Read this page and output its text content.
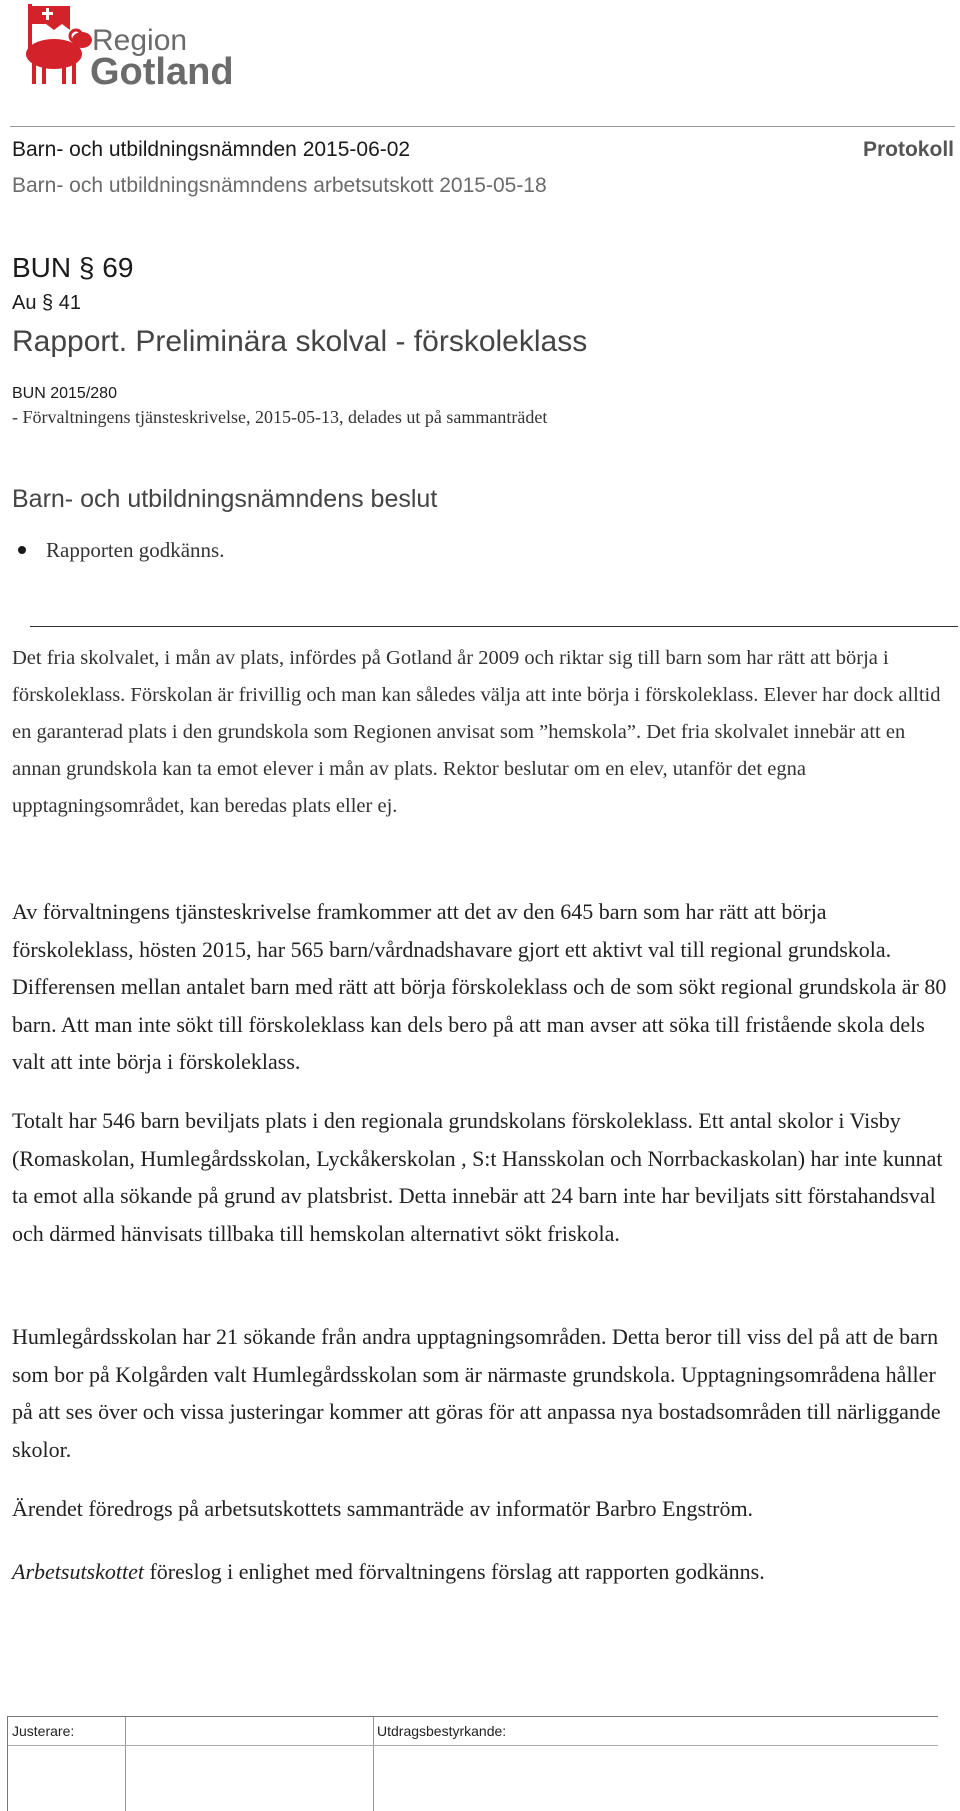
Region
Gotland
Barn- och utbildningsnämnden 2015-06-02	Protokoll
Barn- och utbildningsnämndens arbetsutskott 2015-05-18
BUN § 69
Au § 41
Rapport. Preliminära skolval - förskoleklass
BUN 2015/280
- Förvaltningens tjänsteskrivelse, 2015-05-13, delades ut på sammanträdet
Barn- och utbildningsnämndens beslut
Rapporten godkänns.
Det fria skolvalet, i mån av plats, infördes på Gotland år 2009 och riktar sig till barn som har rätt att börja i förskoleklass. Förskolan är frivillig och man kan således välja att inte börja i förskoleklass. Elever har dock alltid en garanterad plats i den grundskola som Regionen anvisat som ”hemskola”. Det fria skolvalet innebär att en annan grundskola kan ta emot elever i mån av plats. Rektor beslutar om en elev, utanför det egna upptagningsområdet, kan beredas plats eller ej.
Av förvaltningens tjänsteskrivelse framkommer att det av den 645 barn som har rätt att börja förskoleklass, hösten 2015, har 565 barn/vårdnadshavare gjort ett aktivt val till regional grundskola. Differensen mellan antalet barn med rätt att börja förskoleklass och de som sökt regional grundskola är 80 barn. Att man inte sökt till förskoleklass kan dels bero på att man avser att söka till fristående skola dels valt att inte börja i förskoleklass.
Totalt har 546 barn beviljats plats i den regionala grundskolans förskoleklass. Ett antal skolor i Visby (Romaskolan, Humlegårdsskolan, Lyckåkerskolan , S:t Hansskolan och Norrbackaskolan) har inte kunnat ta emot alla sökande på grund av platsbrist. Detta innebär att 24 barn inte har beviljats sitt förstahandsval och därmed hänvisats tillbaka till hemskolan alternativt sökt friskola.
Humlegårdsskolan har 21 sökande från andra upptagningsområden. Detta beror till viss del på att de barn som bor på Kolgården valt Humlegårdsskolan som är närmaste grundskola. Upptagningsområdena håller på att ses över och vissa justeringar kommer att göras för att anpassa nya bostadsområden till närliggande skolor.
Ärendet föredrogs på arbetsutskottets sammanträde av informatör Barbro Engström.
Arbetsutskottet föreslog i enlighet med förvaltningens förslag att rapporten godkänns.
Justerare:	Utdragsbestyrkande:
